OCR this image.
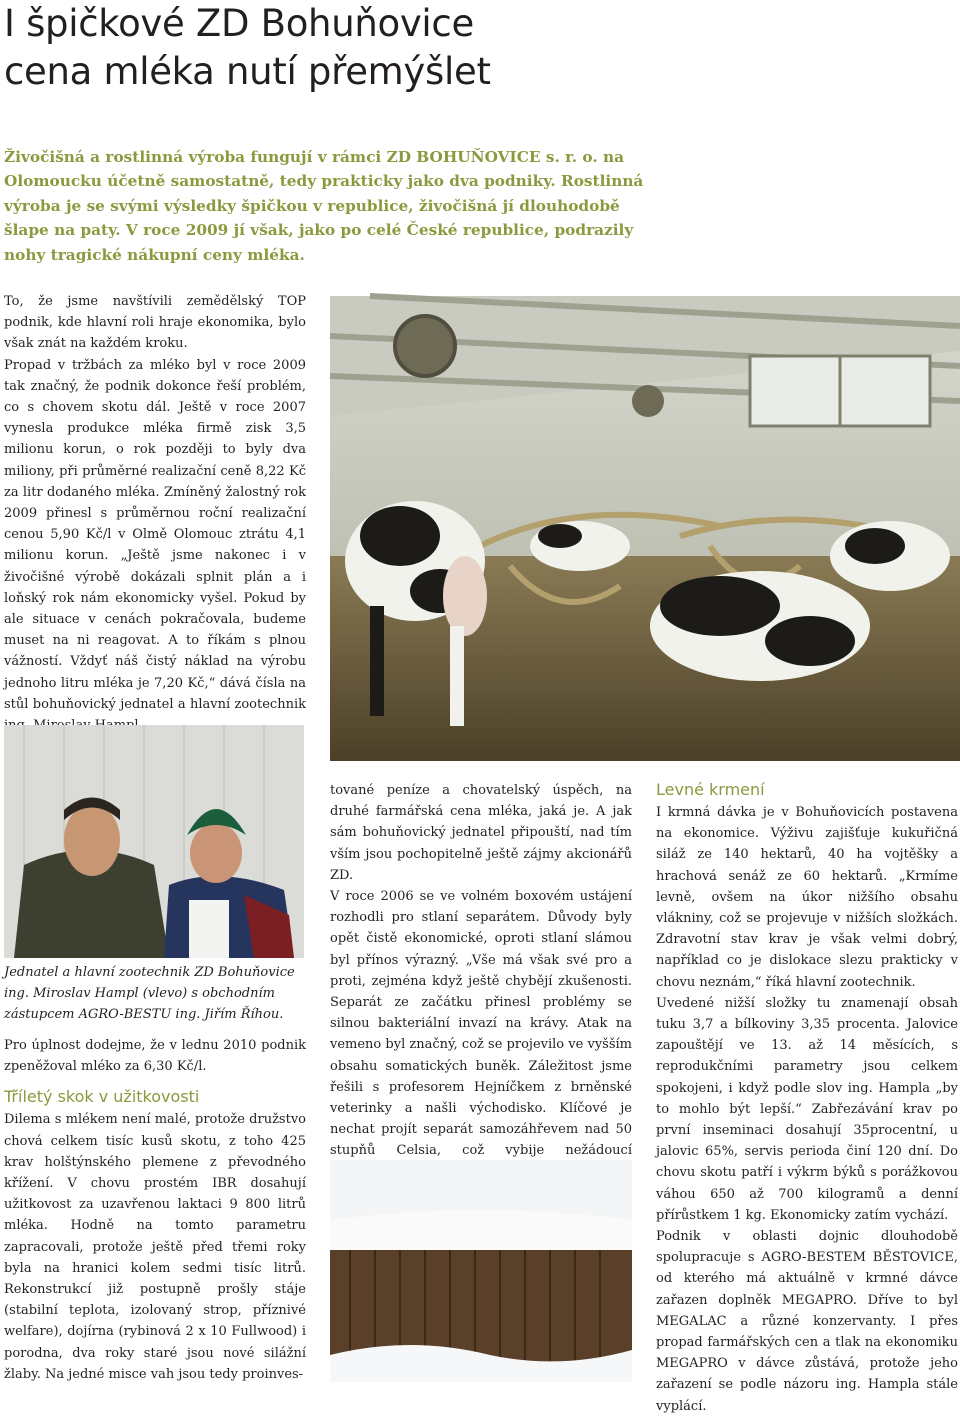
I špičkové ZD Bohuňovice
cena mléka nutí přemýšlet

Živočišná a rostlinná výroba fungují v rámci ZD BOHUŇOVICE s. r. o. na Olomoucku účetně samostatně, tedy prakticky jako dva podniky. Rostlinná výroba je se svými výsledky špičkou v republice, živočišná jí dlouhodobě šlape na paty. V roce 2009 jí však, jako po celé České republice, podrazily nohy tragické nákupní ceny mléka.

To, že jsme navštívili zemědělský TOP podnik, kde hlavní roli hraje ekonomika, bylo však znát na každém kroku.

Propad v tržbách za mléko byl v roce 2009 tak značný, že podnik dokonce řeší problém, co s chovem skotu dál. Ještě v roce 2007 vynesla produkce mléka firmě zisk 3,5 milionu korun, o rok později to byly dva miliony, při průměrné realizační ceně 8,22 Kč za litr dodaného mléka. Zmíněný žalostný rok 2009 přinesl s průměrnou roční realizační cenou 5,90 Kč/l v Olmě Olomouc ztrátu 4,1 milionu korun. „Ještě jsme nakonec i v živočišné výrobě dokázali splnit plán a i loňský rok nám ekonomicky vyšel. Pokud by ale situace v cenách pokračovala, budeme muset na ni reagovat. A to říkám s plnou vážností. Vždyť náš čistý náklad na výrobu jednoho litru mléka je 7,20 Kč,“ dává čísla na stůl bohuňovický jednatel a hlavní zootechnik

Jednatel a hlavní zootechnik ZD Bohuňovice ing. Miroslav Hampl (vlevo) s obchodním zástupcem AGRO-BESTU ing. Jiřím Říhou.

Pro úplnost dodejme, že v lednu 2010 podnik zpeněžoval mléko za 6,30 Kč/l.

Tříletý skok v užitkovosti

Dilema s mlékem není malé, protože družstvo chová celkem tisíc kusů skotu, z toho 425 krav holštýnského plemene z převodného křížení. V chovu prostém IBR dosahují užitkovost za uzavřenou laktaci 9 800 litrů mléka. Hodně na tomto parametru zapracovali, protože ještě před třemi roky byla na hranici kolem sedmi tisíc litrů. Rekonstrukcí již postupně prošly stáje (stabilní teplota, izolovaný strop, příznivé welfare), dojírna (rybinová 2 x 10 Fullwood) i porodna, dva roky staré jsou nové silážní žlaby. Na jedné misce vah jsou tedy proinves-

tované peníze a chovatelský úspěch, na druhé farmářská cena mléka, jaká je. A jak sám bohuňovický jednatel připouští, nad tím vším jsou pochopitelně ještě zájmy akcionářů ZD.

V roce 2006 se ve volném boxovém ustájení rozhodli pro stlaní separátem. Důvody byly opět čistě ekonomické, oproti stlaní slámou byl přínos výrazný. „Vše má však své pro a proti, zejména když ještě chybějí zkušenosti. Separát ze začátku přinesl problémy se silnou bakteriální invazí na krávy. Atak na vemeno byl značný, což se projevilo ve vyšším obsahu somatických buněk. Záležitost jsme řešili s profesorem Hejníčkem z brněnské veterinky a našli východisko. Klíčové je nechat projít separát samozáhřevem nad 50 stupňů Celsia, což vybije nežádoucí

Levné krmení

I krmná dávka je v Bohuňovicích postavena na ekonomice. Výživu zajišťuje kukuřičná siláž ze 140 hektarů, 40 ha vojtěšky a hrachová senáž ze 60 hektarů. „Krmíme levně, ovšem na úkor nižšího obsahu vlákniny, což se projevuje v nižších složkách. Zdravotní stav krav je však velmi dobrý, například co je dislokace slezu prakticky v chovu neznám,“ říká hlavní zootechnik.

Uvedené nižší složky tu znamenají obsah tuku 3,7 a bílkoviny 3,35 procenta. Jalovice zapouštějí ve 13. až 14 měsících, s reprodukčními parametry jsou celkem spokojeni, i když podle slov ing. Hampla „by to mohlo být lepší.“ Zabřezávání krav po první inseminaci dosahují 35procentní, u jalovic 65%, servis perioda činí 120 dní. Do chovu skotu patří i výkrm býků s porážkovou váhou 650 až 700 kilogramů a denní přírůstkem 1 kg. Ekonomicky zatím vychází.

Podnik v oblasti dojnic dlouhodobě spolupracuje s AGRO-BESTEM BĚSTOVICE, od kterého má aktuálně v krmné dávce zařazen doplněk MEGAPRO. Dříve to byl MEGALAC a různé konzervanty. I přes propad farmářských cen a tlak na ekonomiku MEGAPRO v dávce zůstává, protože jeho zařazení se podle názoru ing. Hampla stále vyplácí.
